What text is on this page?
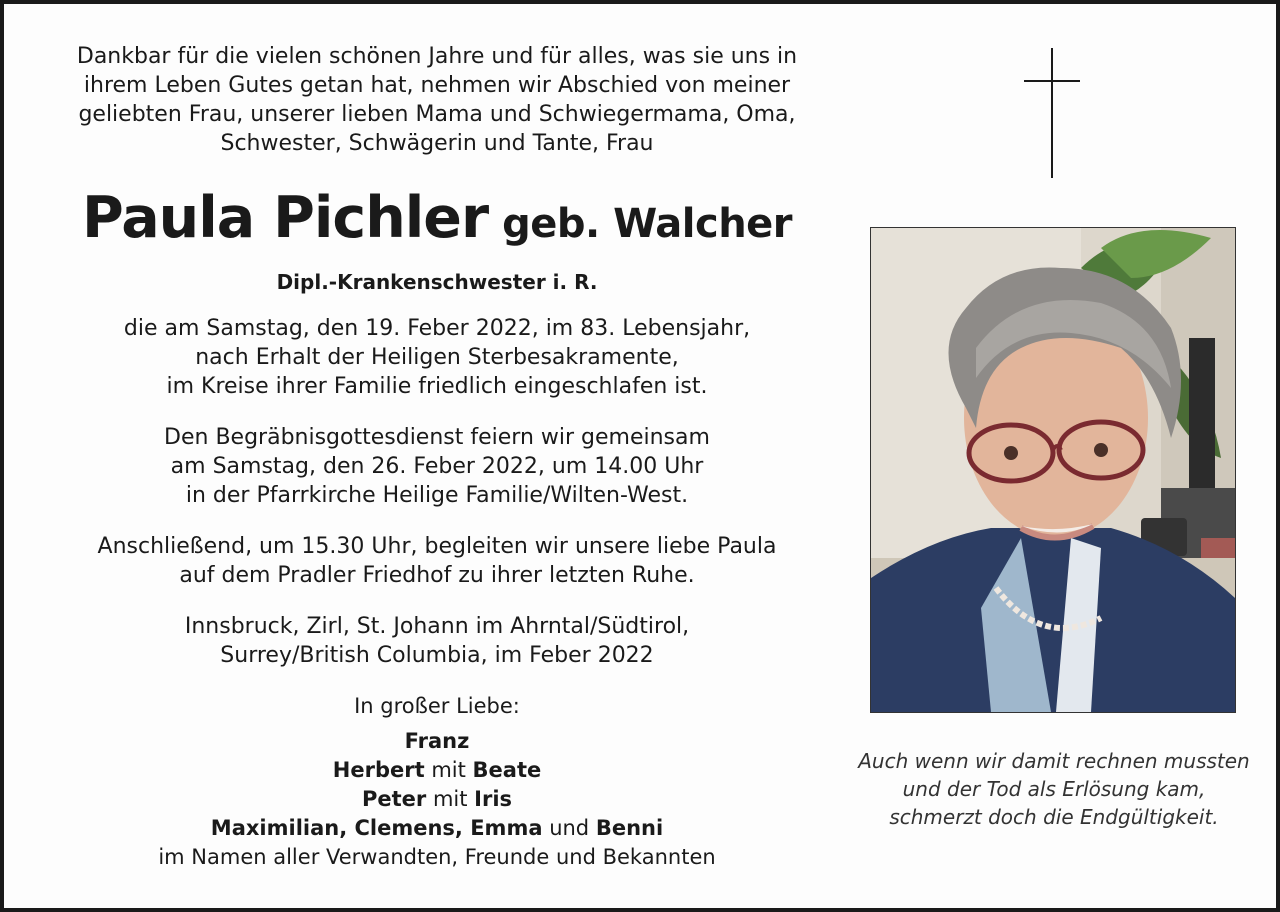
Dankbar für die vielen schönen Jahre und für alles, was sie uns in
ihrem Leben Gutes getan hat, nehmen wir Abschied von meiner
geliebten Frau, unserer lieben Mama und Schwiegermama, Oma,
Schwester, Schwägerin und Tante, Frau

Paula Pichler geb. Walcher
Dipl.-Krankenschwester i. R.
die am Samstag, den 19. Feber 2022, im 83. Lebensjahr,
nach Erhalt der Heiligen Sterbesakramente,
im Kreise ihrer Familie friedlich eingeschlafen ist.
Den Begräbnisgottesdienst feiern wir gemeinsam
am Samstag, den 26. Feber 2022, um 14.00 Uhr
in der Pfarrkirche Heilige Familie/Wilten-West.
Anschließend, um 15.30 Uhr, begleiten wir unsere liebe Paula
auf dem Pradler Friedhof zu ihrer letzten Ruhe.
Innsbruck, Zirl, St. Johann im Ahrntal/Südtirol,
Surrey/British Columbia, im Feber 2022
In großer Liebe:
Franz
Herbert mit Beate
Peter mit Iris
Maximilian, Clemens, Emma und Benni
im Namen aller Verwandten, Freunde und Bekannten
Auch wenn wir damit rechnen mussten
und der Tod als Erlösung kam,
schmerzt doch die Endgültigkeit.
